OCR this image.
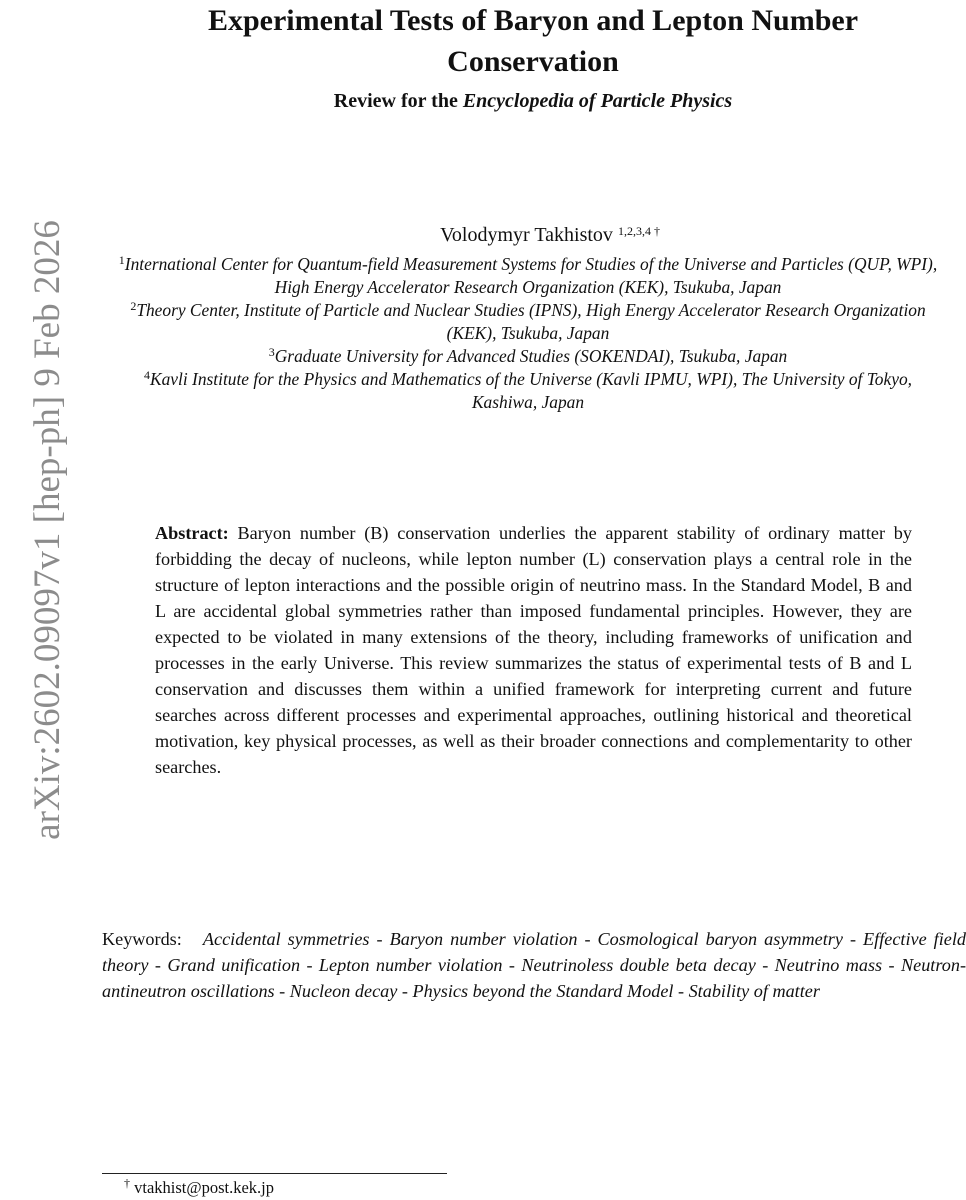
Experimental Tests of Baryon and Lepton Number Conservation
Review for the Encyclopedia of Particle Physics
arXiv:2602.09097v1 [hep-ph] 9 Feb 2026	Volodymyr Takhistov $^{1,2,3,4 \dagger}$
$^1$International Center for Quantum-field Measurement Systems for Studies of the Universe and Particles (QUP, WPI), High Energy Accelerator Research Organization (KEK), Tsukuba, Japan
$^2$Theory Center, Institute of Particle and Nuclear Studies (IPNS), High Energy Accelerator Research Organization (KEK), Tsukuba, Japan
$^3$Graduate University for Advanced Studies (SOKENDAI), Tsukuba, Japan
$^4$Kavli Institute for the Physics and Mathematics of the Universe (Kavli IPMU, WPI), The University of Tokyo, Kashiwa, Japan
Abstract: Baryon number (B) conservation underlies the apparent stability of ordinary matter by forbidding the decay of nucleons, while lepton number (L) conservation plays a central role in the structure of lepton interactions and the possible origin of neutrino mass. In the Standard Model, B and L are accidental global symmetries rather than imposed fundamental principles. However, they are expected to be violated in many extensions of the theory, including frameworks of unification and processes in the early Universe. This review summarizes the status of experimental tests of B and L conservation and discusses them within a unified framework for interpreting current and future searches across different processes and experimental approaches, outlining historical and theoretical motivation, key physical processes, as well as their broader connections and complementarity to other searches.
Keywords: Accidental symmetries - Baryon number violation - Cosmological baryon asymmetry - Effective field theory - Grand unification - Lepton number violation - Neutrinoless double beta decay - Neutrino mass - Neutron-antineutron oscillations - Nucleon decay - Physics beyond the Standard Model - Stability of matter
† vtakhist@post.kek.jp
